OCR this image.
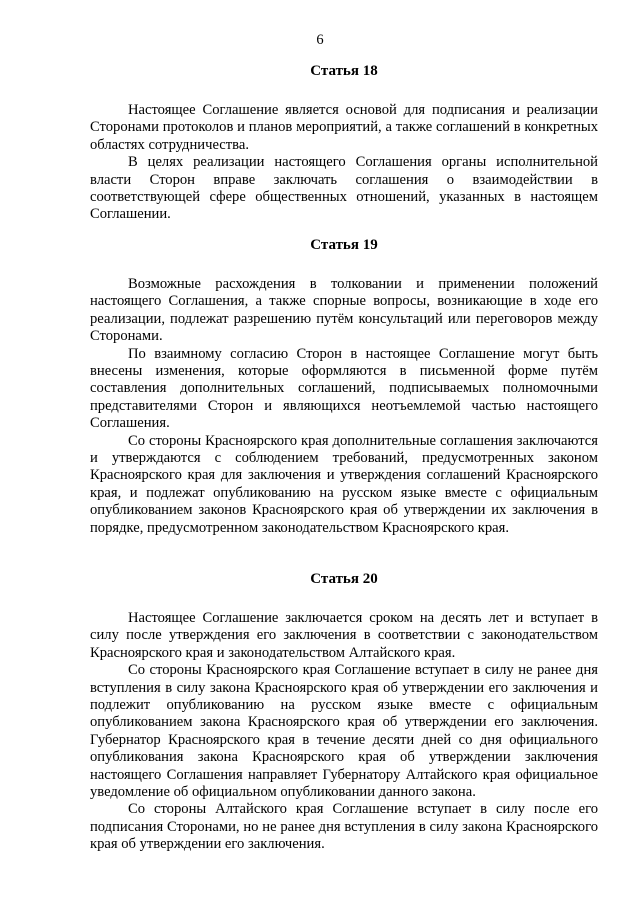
6
Статья 18

Настоящее Соглашение является основой для подписания и реализации Сторонами протоколов и планов мероприятий, а также соглашений в конкретных областях сотрудничества.

В целях реализации настоящего Соглашения органы исполнительной власти Сторон вправе заключать соглашения о взаимодействии в соответствующей сфере общественных отношений, указанных в настоящем Соглашении.

Статья 19

Возможные расхождения в толковании и применении положений настоящего Соглашения, а также спорные вопросы, возникающие в ходе его реализации, подлежат разрешению путём консультаций или переговоров между Сторонами.

По взаимному согласию Сторон в настоящее Соглашение могут быть внесены изменения, которые оформляются в письменной форме путём составления дополнительных соглашений, подписываемых полномочными представителями Сторон и являющихся неотъемлемой частью настоящего Соглашения.

Со стороны Красноярского края дополнительные соглашения заключаются и утверждаются с соблюдением требований, предусмотренных законом Красноярского края для заключения и утверждения соглашений Красноярского края, и подлежат опубликованию на русском языке вместе с официальным опубликованием законов Красноярского края об утверждении их заключения в порядке, предусмотренном законодательством Красноярского края.

Статья 20

Настоящее Соглашение заключается сроком на десять лет и вступает в силу после утверждения его заключения в соответствии с законодательством Красноярского края и законодательством Алтайского края.

Со стороны Красноярского края Соглашение вступает в силу не ранее дня вступления в силу закона Красноярского края об утверждении его заключения и подлежит опубликованию на русском языке вместе с официальным опубликованием закона Красноярского края об утверждении его заключения. Губернатор Красноярского края в течение десяти дней со дня официального опубликования закона Красноярского края об утверждении заключения настоящего Соглашения направляет Губернатору Алтайского края официальное уведомление об официальном опубликовании данного закона.

Со стороны Алтайского края Соглашение вступает в силу после его подписания Сторонами, но не ранее дня вступления в силу закона Красноярского края об утверждении его заключения.
